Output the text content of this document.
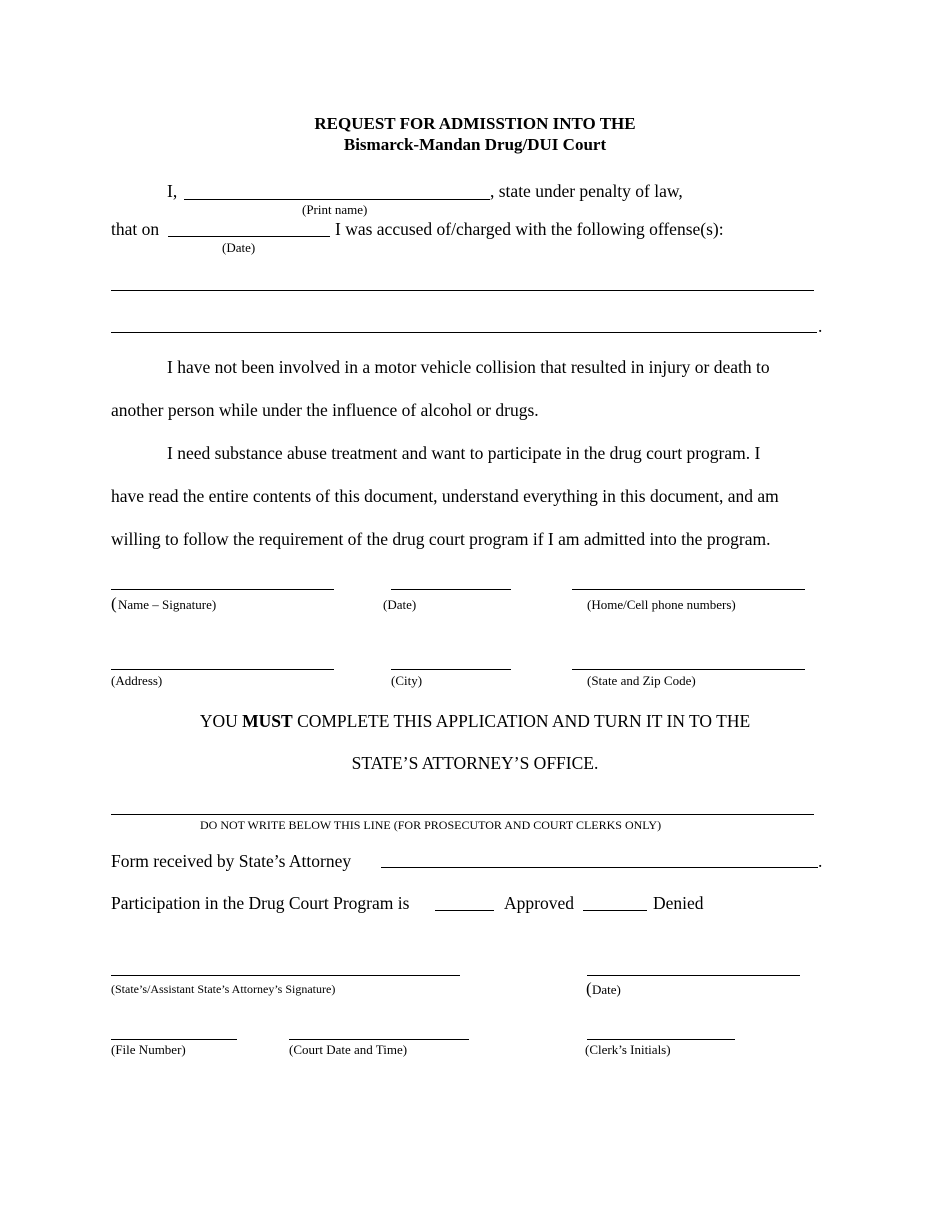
REQUEST FOR ADMISSTION INTO THE
Bismarck-Mandan Drug/DUI Court
I,	, state under penalty of law,
(Print name)
that on	I was accused of/charged with the following offense(s):
(Date)
.
I have not been involved in a motor vehicle collision that resulted in injury or death to
another person while under the influence of alcohol or drugs.
I need substance abuse treatment and want to participate in the drug court program. I
have read the entire contents of this document, understand everything in this document, and am
willing to follow the requirement of the drug court program if I am admitted into the program.
( Name – Signature)	(Date)	(Home/Cell phone numbers)
(Address)	(City)	(State and Zip Code)
YOU MUST COMPLETE THIS APPLICATION AND TURN IT IN TO THE
STATE’S ATTORNEY’S OFFICE.
DO NOT WRITE BELOW THIS LINE (FOR PROSECUTOR AND COURT CLERKS ONLY)
Form received by State’s Attorney	.
Participation in the Drug Court Program is	Approved	Denied
(State’s/Assistant State’s Attorney’s Signature)	( Date)
(File Number)	(Court Date and Time)	(Clerk’s Initials)
